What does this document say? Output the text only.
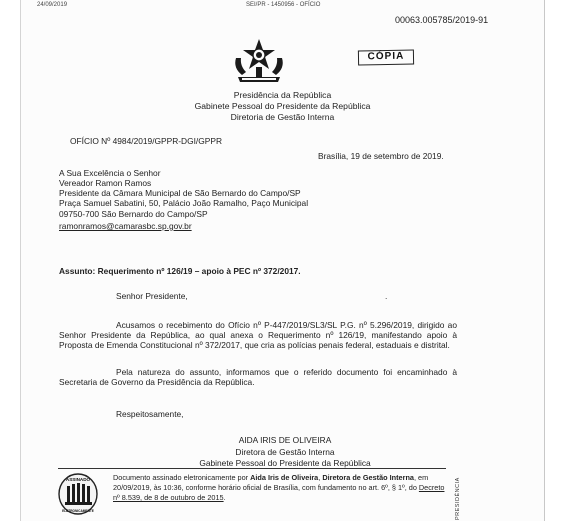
24/09/2019	SEI/PR - 1450956 - OFÍCIO
00063.005785/2019-91
CÓPIA
Presidência da República
Gabinete Pessoal do Presidente da República
Diretoria de Gestão Interna
OFÍCIO Nº 4984/2019/GPPR-DGI/GPPR
Brasília, 19 de setembro de 2019.
A Sua Excelência o Senhor
Vereador Ramon Ramos
Presidente da Câmara Municipal de São Bernardo do Campo/SP
Praça Samuel Sabatini, 50, Palácio João Ramalho, Paço Municipal
09750-700 São Bernardo do Campo/SP
ramonramos@camarasbc.sp.gov.br
Assunto: Requerimento nº 126/19 – apoio à PEC nº 372/2017.
Senhor Presidente,	.

Acusamos o recebimento do Ofício nº P-447/2019/SL3/SL P.G. nº 5.296/2019, dirigido ao Senhor Presidente da República, ao qual anexa o Requerimento nº 126/19, manifestando apoio à Proposta de Emenda Constitucional nº 372/2017, que cria as polícias penais federal, estaduais e distrital.

Pela natureza do assunto, informamos que o referido documento foi encaminhado à Secretaria de Governo da Presidência da República.

Respeitosamente,
AIDA IRIS DE OLIVEIRA
Diretora de Gestão Interna
Gabinete Pessoal do Presidente da República
ASSINADO
ELETRONICAMENTE
Documento assinado eletronicamente por Aida Iris de Oliveira, Diretora de Gestão Interna, em 20/09/2019, às 10:36, conforme horário oficial de Brasília, com fundamento no art. 6º, § 1º, do Decreto nº 8.539, de 8 de outubro de 2015.	PRESIDÊNCIA
